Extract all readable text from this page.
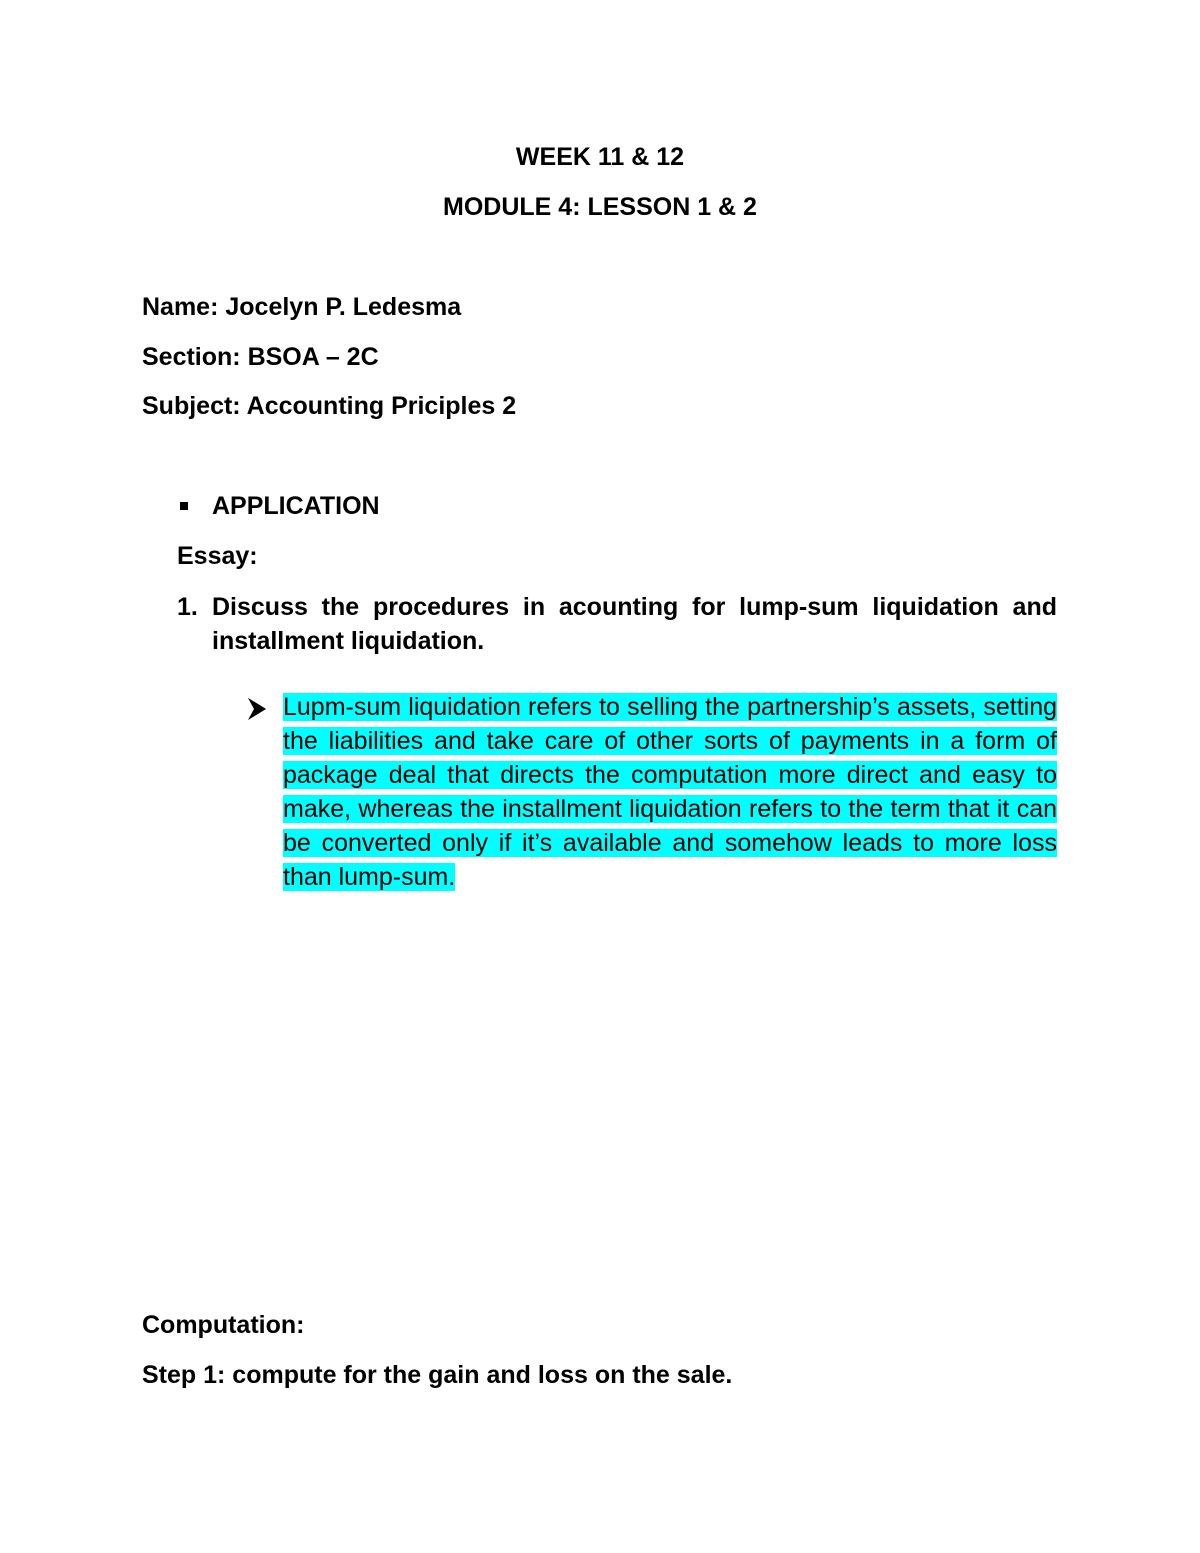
WEEK 11 & 12
MODULE 4: LESSON 1 & 2
Name: Jocelyn P. Ledesma
Section: BSOA – 2C
Subject: Accounting Priciples 2
APPLICATION
Essay:
1. Discuss the procedures in acounting for lump-sum liquidation and installment liquidation.
Lupm-sum liquidation refers to selling the partnership’s assets, setting the liabilities and take care of other sorts of payments in a form of package deal that directs the computation more direct and easy to make, whereas the installment liquidation refers to the term that it can be converted only if it’s available and somehow leads to more loss than lump-sum.
Computation:
Step 1: compute for the gain and loss on the sale.
